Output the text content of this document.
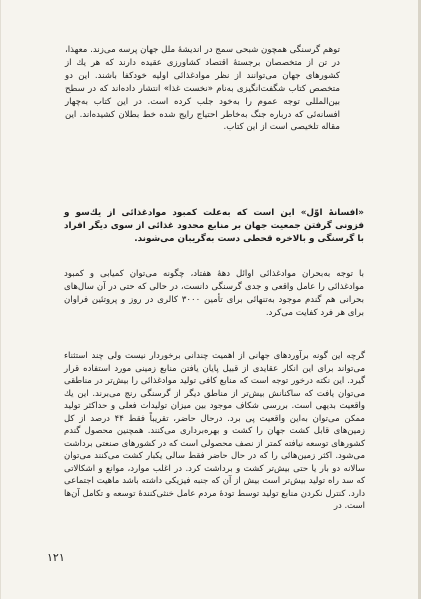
توهم گرسنگی همچون شبحی سمج در اندیشهٔ ملل جهان پرسه می‌زند. معهذا، در تن از متخصصان برجستهٔ اقتصاد کشاورزی عقیده دارند که هر یك از کشورهای جهان می‌توانند از نظر موادغذائی اولیه خودکفا باشند. این دو متخصص کتاب شگفت‌انگیزی به‌نام «نخست غذا» انتشار داده‌اند که در سطح بین‌المللی توجه عموم را به‌خود جلب کرده است. در این کتاب به‌چهار افسانه‌ئی که درباره جنگ به‌خاطر احتیاج رایج شده خط بطلان کشیده‌اند. این مقاله تلخیصی است از این کتاب.
«افسانهٔ اوّل» این است که به‌علت کمبود موادغذائی از یك‌سو و فزونی گرفتن جمعیت جهان بر منابع محدود غذائی از سوی دیگر افراد با گرسنگی و بالاخره قحطی دست به‌گریبان می‌شوند.
با توجه به‌بحران موادغذائی اوائل دههٔ هفتاد، چگونه می‌توان کمیابی و کمبود موادغذائی را عامل واقعی و جدی گرسنگی دانست، در حالی که حتی در آن سال‌های بحرانی هم گندم موجود به‌تنهائی برای تأمین ۳۰۰۰ کالری در روز و پروتئین فراوان برای هر فرد کفایت می‌کرد.
گرچه این گونه برآوردهای جهانی از اهمیت چندانی برخوردار نیست ولی چند استثناء می‌تواند برای این انکار عقایدی از قبیل پایان یافتن منابع زمینی مورد استفاده قرار گیرد. این نکته درخور توجه است که منابع کافی تولید موادغذائی را بیش‌تر در مناطقی می‌توان یافت که ساکنانش بیش‌تر از مناطق دیگر از گرسنگی رنج می‌برند. این یك واقعیت بدیهی است. بررسی شکاف موجود بین میزان تولیدات فعلی و حداکثر تولید ممکن می‌توان به‌این واقعیت پی برد. درحال حاضر، تقریباً فقط ۴۴ درصد از کل زمین‌های قابل کشت جهان را کشت و بهره‌برداری می‌کنند. همچنین محصول گندم کشورهای توسعه نیافته کمتر از نصف محصولی است که در کشورهای صنعتی برداشت می‌شود. اکثر زمین‌هائی را که در حال حاضر فقط سالی یکبار کشت می‌کنند می‌توان سالانه دو بار یا حتی بیش‌تر کشت و برداشت کرد. در اغلب موارد، موانع و اشکالاتی که سد راه تولید بیش‌تر است بیش از آن که جنبه فیزیکی داشته باشد ماهیت اجتماعی دارد. کنترل نکردن منابع تولید توسط تودهٔ مردم عامل خنثی‌کنندهٔ توسعه و تکامل آن‌ها است. در
۱۲۱
